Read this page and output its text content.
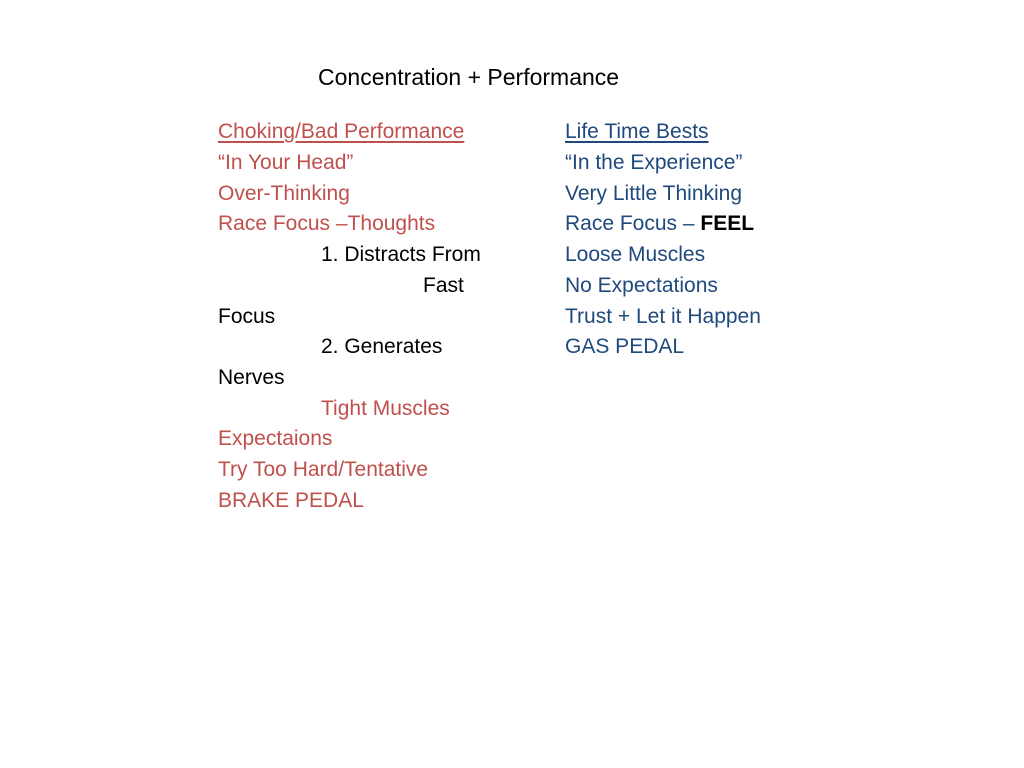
Concentration + Performance
Choking/Bad Performance
“In Your Head”
Over-Thinking
Race Focus –Thoughts
1. Distracts From
Fast
Focus
2. Generates
Nerves
Tight Muscles
Expectaions
Try Too Hard/Tentative
BRAKE PEDAL
Life Time Bests
“In the Experience”
Very Little Thinking
Race Focus – FEEL
Loose Muscles
No Expectations
Trust + Let it Happen
GAS PEDAL
